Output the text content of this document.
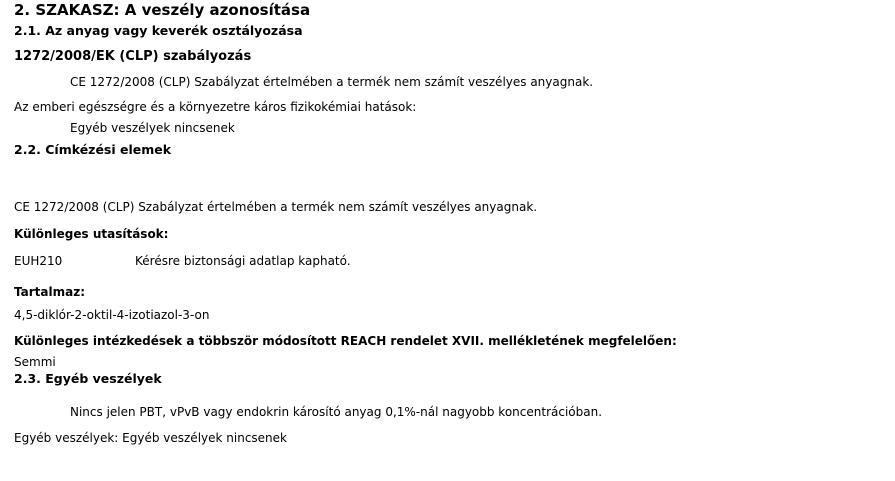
2. SZAKASZ: A veszély azonosítása
2.1. Az anyag vagy keverék osztályozása
1272/2008/EK (CLP) szabályozás
CE 1272/2008 (CLP) Szabályzat értelmében a termék nem számít veszélyes anyagnak.
Az emberi egészségre és a környezetre káros fizikokémiai hatások:
Egyéb veszélyek nincsenek
2.2. Címkézési elemek
CE 1272/2008 (CLP) Szabályzat értelmében a termék nem számít veszélyes anyagnak.
Különleges utasítások:
EUH210	Kérésre biztonsági adatlap kapható.
Tartalmaz:
4,5-diklór-2-oktil-4-izotiazol-3-on
Különleges intézkedések a többször módosított REACH rendelet XVII. mellékletének megfelelően:
Semmi
2.3. Egyéb veszélyek
Nincs jelen PBT, vPvB vagy endokrin károsító anyag 0,1%-nál nagyobb koncentrációban.
Egyéb veszélyek: Egyéb veszélyek nincsenek
